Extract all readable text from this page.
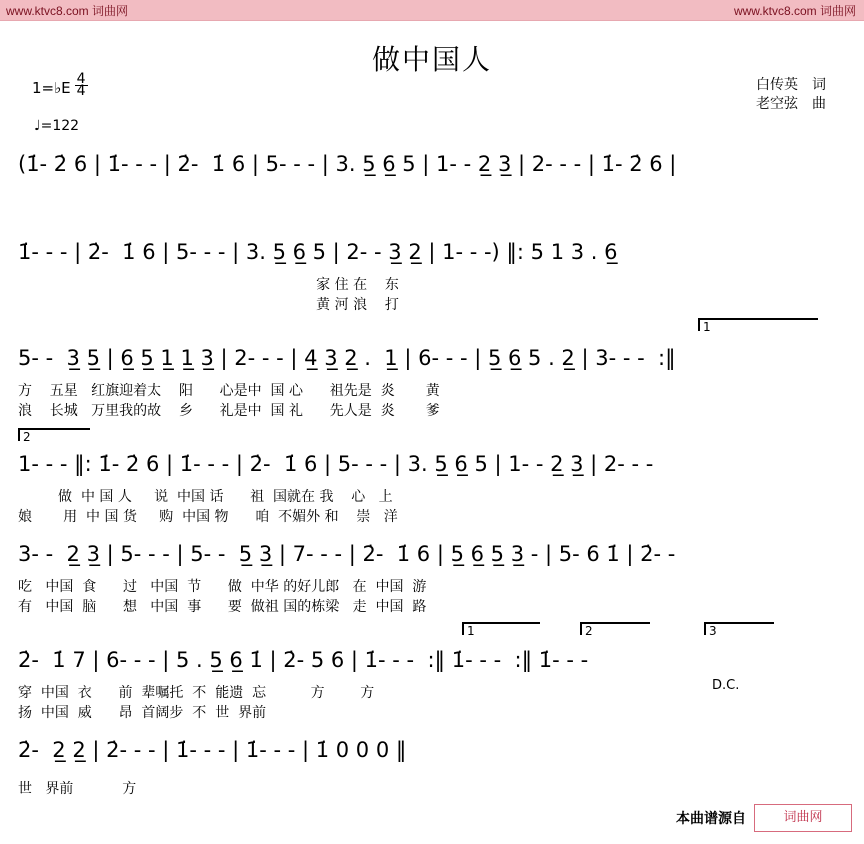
www.ktvc8.com 词曲网	www.ktvc8.com 词曲网
做中国人
1=♭E $\frac{4}{4}$
♩=122
白传英 词
老空弦 曲
(1̇- 2̇ 6 | 1̇- - - | 2̇-  1̇ 6 | 5- - - | 3. 5̲ 6̲ 5 | 1- - 2̲ 3̲ | 2- - - | 1̇- 2̇ 6 |
1̇- - - | 2̇-  1̇ 6 | 5- - - | 3. 5̲ 6̲ 5 | 2- - 3̲ 2̲ | 1- - -) ‖: 5 1 3 . 6̲
家 住 在    东
黄 河 浪    打
1
5- -  3̲ 5̲ | 6̲ 5̲ 1̲ 1̲ 3̲ | 2- - - | 4̲ 3̲ 2̲ .  1̲ | 6- - - | 5̲ 6̲ 5 . 2̲ | 3- - -  :‖
方    五星   红旗迎着太    阳      心是中  国 心      祖先是  炎       黄
浪    长城   万里我的故    乡      礼是中  国 礼      先人是  炎       爹
2
1- - - ‖: 1̇- 2̇ 6 | 1̇- - - | 2̇-  1̇ 6 | 5- - - | 3. 5̲ 6̲ 5 | 1- - 2̲ 3̲ | 2- - -
做  中 国 人     说  中国 话      祖  国就在 我    心   上
娘       用  中 国 货     购  中国 物      咱  不媚外 和    崇   洋
3- -  2̲ 3̲ | 5- - - | 5- -  5̲ 3̲ | 7- - - | 2̇-  1̇ 6 | 5̲ 6̲ 5̲ 3̲ - | 5- 6 1̇ | 2̇- -
吃   中国  食      过   中国  节      做  中华 的好儿郎   在  中国  游
有   中国  脑      想   中国  事      要  做祖 国的栋梁   走  中国  路
1	2	3
2̇-  1̇ 7 | 6- - - | 5 . 5̲ 6̲ 1̇ | 2̇- 5 6 | 1̇- - -  :‖ 1̇- - -  :‖ 1̇- - -
穿  中国  衣      前  辈嘱托  不  能遗  忘          方        方
扬  中国  威      昂  首阔步  不  世  界前
D.C.
2̇-  2̲ 2̲ | 2̇- - - | 1̇- - - | 1̇- - - | 1̇ 0 0 0 ‖
世   界前           方
本曲谱源自	词曲网
